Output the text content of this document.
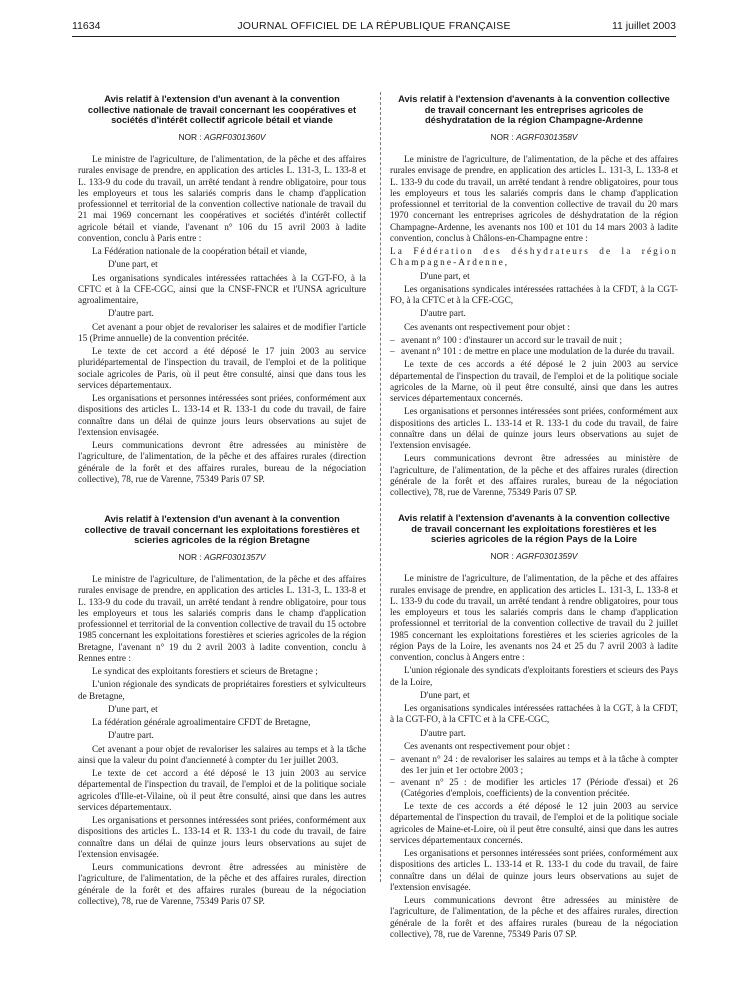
11634	JOURNAL OFFICIEL DE LA RÉPUBLIQUE FRANÇAISE	11 juillet 2003
Avis relatif à l'extension d'un avenant à la convention collective nationale de travail concernant les coopératives et sociétés d'intérêt collectif agricole bétail et viande
NOR : AGRF0301360V

Le ministre de l'agriculture, de l'alimentation, de la pêche et des affaires rurales envisage de prendre, en application des articles L. 131-3, L. 133-8 et L. 133-9 du code du travail, un arrêté tendant à rendre obligatoire, pour tous les employeurs et tous les salariés compris dans le champ d'application professionnel et territorial de la convention collective nationale de travail du 21 mai 1969 concernant les coopératives et sociétés d'intérêt collectif agricole bétail et viande, l'avenant n° 106 du 15 avril 2003 à ladite convention, conclu à Paris entre :

La Fédération nationale de la coopération bétail et viande,

D'une part, et

Les organisations syndicales intéressées rattachées à la CGT-FO, à la CFTC et à la CFE-CGC, ainsi que la CNSF-FNCR et l'UNSA agriculture agroalimentaire,

D'autre part.

Cet avenant a pour objet de revaloriser les salaires et de modifier l'article 15 (Prime annuelle) de la convention précitée.

Le texte de cet accord a été déposé le 17 juin 2003 au service pluridépartemental de l'inspection du travail, de l'emploi et de la politique sociale agricoles de Paris, où il peut être consulté, ainsi que dans tous les services départementaux.

Les organisations et personnes intéressées sont priées, conformément aux dispositions des articles L. 133-14 et R. 133-1 du code du travail, de faire connaître dans un délai de quinze jours leurs observations au sujet de l'extension envisagée.

Leurs communications devront être adressées au ministère de l'agriculture, de l'alimentation, de la pêche et des affaires rurales (direction générale de la forêt et des affaires rurales, bureau de la négociation collective), 78, rue de Varenne, 75349 Paris 07 SP.

Avis relatif à l'extension d'un avenant à la convention collective de travail concernant les exploitations forestières et scieries agricoles de la région Bretagne
NOR : AGRF0301357V

Le ministre de l'agriculture, de l'alimentation, de la pêche et des affaires rurales envisage de prendre, en application des articles L. 131-3, L. 133-8 et L. 133-9 du code du travail, un arrêté tendant à rendre obligatoire, pour tous les employeurs et tous les salariés compris dans le champ d'application professionnel et territorial de la convention collective de travail du 15 octobre 1985 concernant les exploitations forestières et scieries agricoles de la région Bretagne, l'avenant n° 19 du 2 avril 2003 à ladite convention, conclu à Rennes entre :

Le syndicat des exploitants forestiers et scieurs de Bretagne ;

L'union régionale des syndicats de propriétaires forestiers et sylviculteurs de Bretagne,

D'une part, et

La fédération générale agroalimentaire CFDT de Bretagne,

D'autre part.

Cet avenant a pour objet de revaloriser les salaires au temps et à la tâche ainsi que la valeur du point d'ancienneté à compter du 1er juillet 2003.

Le texte de cet accord a été déposé le 13 juin 2003 au service départemental de l'inspection du travail, de l'emploi et de la politique sociale agricoles d'Ille-et-Vilaine, où il peut être consulté, ainsi que dans les autres services départementaux.

Les organisations et personnes intéressées sont priées, conformément aux dispositions des articles L. 133-14 et R. 133-1 du code du travail, de faire connaître dans un délai de quinze jours leurs observations au sujet de l'extension envisagée.

Leurs communications devront être adressées au ministère de l'agriculture, de l'alimentation, de la pêche et des affaires rurales, direction générale de la forêt et des affaires rurales (bureau de la négociation collective), 78, rue de Varenne, 75349 Paris 07 SP.

Avis relatif à l'extension d'avenants à la convention collective de travail concernant les entreprises agricoles de déshydratation de la région Champagne-Ardenne
NOR : AGRF0301358V

Le ministre de l'agriculture, de l'alimentation, de la pêche et des affaires rurales envisage de prendre, en application des articles L. 131-3, L. 133-8 et L. 133-9 du code du travail, un arrêté tendant à rendre obligatoires, pour tous les employeurs et tous les salariés compris dans le champ d'application professionnel et territorial de la convention collective de travail du 20 mars 1970 concernant les entreprises agricoles de déshydratation de la région Champagne-Ardenne, les avenants nos 100 et 101 du 14 mars 2003 à ladite convention, conclus à Châlons-en-Champagne entre :

La Fédération des déshydrateurs de la région Champagne-Ardenne,

D'une part, et

Les organisations syndicales intéressées rattachées à la CFDT, à la CGT-FO, à la CFTC et à la CFE-CGC,

D'autre part.

Ces avenants ont respectivement pour objet :

– avenant n° 100 : d'instaurer un accord sur le travail de nuit ;
– avenant n° 101 : de mettre en place une modulation de la durée du travail.

Le texte de ces accords a été déposé le 2 juin 2003 au service départemental de l'inspection du travail, de l'emploi et de la politique sociale agricoles de la Marne, où il peut être consulté, ainsi que dans les autres services départementaux concernés.

Les organisations et personnes intéressées sont priées, conformément aux dispositions des articles L. 133-14 et R. 133-1 du code du travail, de faire connaître dans un délai de quinze jours leurs observations au sujet de l'extension envisagée.

Leurs communications devront être adressées au ministère de l'agriculture, de l'alimentation, de la pêche et des affaires rurales (direction générale de la forêt et des affaires rurales, bureau de la négociation collective), 78, rue de Varenne, 75349 Paris 07 SP.

Avis relatif à l'extension d'avenants à la convention collective de travail concernant les exploitations forestières et les scieries agricoles de la région Pays de la Loire
NOR : AGRF0301359V

Le ministre de l'agriculture, de l'alimentation, de la pêche et des affaires rurales envisage de prendre, en application des articles L. 131-3, L. 133-8 et L. 133-9 du code du travail, un arrêté tendant à rendre obligatoires, pour tous les employeurs et tous les salariés compris dans le champ d'application professionnel et territorial de la convention collective de travail du 2 juillet 1985 concernant les exploitations forestières et les scieries agricoles de la région Pays de la Loire, les avenants nos 24 et 25 du 7 avril 2003 à ladite convention, conclus à Angers entre :

L'union régionale des syndicats d'exploitants forestiers et scieurs des Pays de la Loire,

D'une part, et

Les organisations syndicales intéressées rattachées à la CGT, à la CFDT, à la CGT-FO, à la CFTC et à la CFE-CGC,

D'autre part.

Ces avenants ont respectivement pour objet :

– avenant n° 24 : de revaloriser les salaires au temps et à la tâche à compter des 1er juin et 1er octobre 2003 ;
– avenant n° 25 : de modifier les articles 17 (Période d'essai) et 26 (Catégories d'emplois, coefficients) de la convention précitée.

Le texte de ces accords a été déposé le 12 juin 2003 au service départemental de l'inspection du travail, de l'emploi et de la politique sociale agricoles de Maine-et-Loire, où il peut être consulté, ainsi que dans les autres services départementaux concernés.

Les organisations et personnes intéressées sont priées, conformément aux dispositions des articles L. 133-14 et R. 133-1 du code du travail, de faire connaître dans un délai de quinze jours leurs observations au sujet de l'extension envisagée.

Leurs communications devront être adressées au ministère de l'agriculture, de l'alimentation, de la pêche et des affaires rurales, direction générale de la forêt et des affaires rurales (bureau de la négociation collective), 78, rue de Varenne, 75349 Paris 07 SP.
